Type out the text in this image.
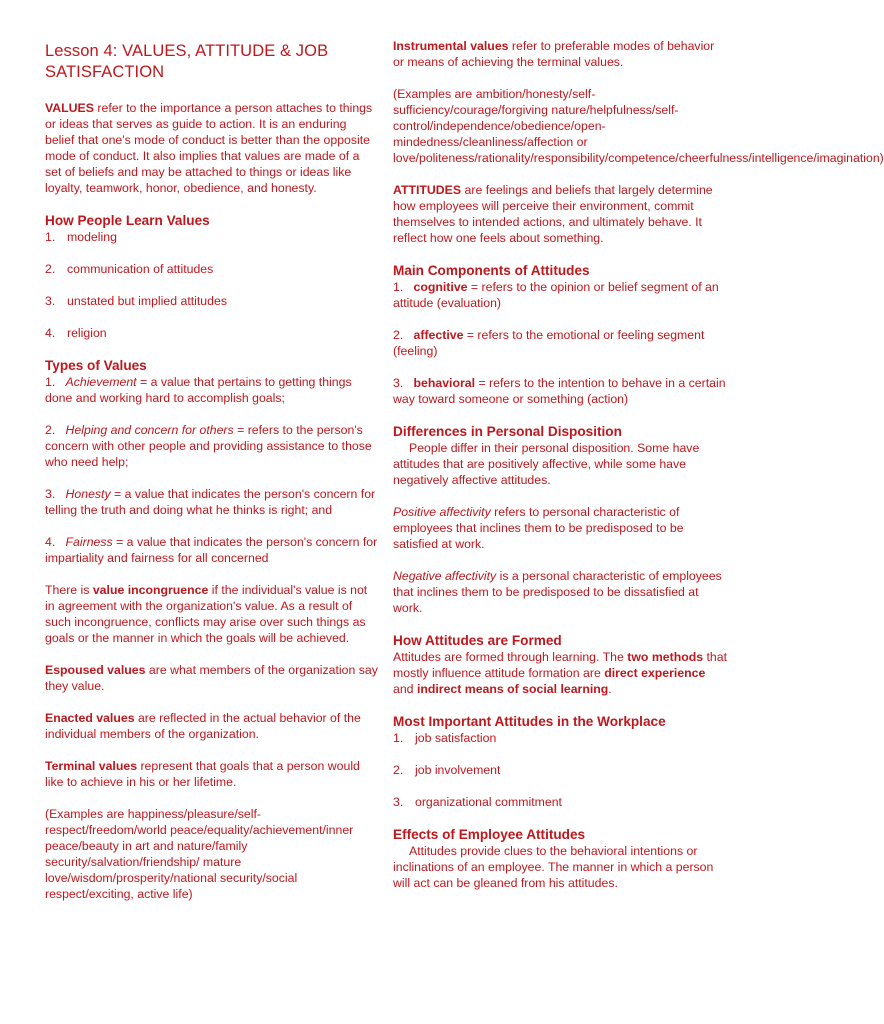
Lesson 4: VALUES, ATTITUDE & JOB SATISFACTION

VALUES refer to the importance a person attaches to things or ideas that serves as guide to action. It is an enduring belief that one's mode of conduct is better than the opposite mode of conduct. It also implies that values are made of a set of beliefs and may be attached to things or ideas like loyalty, teamwork, honor, obedience, and honesty.

How People Learn Values
1. modeling
2. communication of attitudes
3. unstated but implied attitudes
4. religion
Types of Values

1. Achievement = a value that pertains to getting things done and working hard to accomplish goals;

2. Helping and concern for others = refers to the person's concern with other people and providing assistance to those who need help;

3. Honesty = a value that indicates the person's concern for telling the truth and doing what he thinks is right; and

4. Fairness = a value that indicates the person's concern for impartiality and fairness for all concerned

There is value incongruence if the individual's value is not in agreement with the organization's value. As a result of such incongruence, conflicts may arise over such things as goals or the manner in which the goals will be achieved.

Espoused values are what members of the organization say they value.

Enacted values are reflected in the actual behavior of the individual members of the organization.

Terminal values represent that goals that a person would like to achieve in his or her lifetime.

(Examples are happiness/pleasure/self-respect/freedom/world peace/equality/achievement/inner peace/beauty in art and nature/family security/salvation/friendship/ mature love/wisdom/prosperity/national security/social respect/exciting, active life)

Instrumental values refer to preferable modes of behavior or means of achieving the terminal values.

(Examples are ambition/honesty/self-sufficiency/courage/forgiving nature/helpfulness/self-control/independence/obedience/open-mindedness/cleanliness/affection or love/politeness/rationality/responsibility/competence/cheerfulness/intelligence/imagination)

ATTITUDES are feelings and beliefs that largely determine how employees will perceive their environment, commit themselves to intended actions, and ultimately behave. It reflect how one feels about something.

Main Components of Attitudes

1. cognitive = refers to the opinion or belief segment of an attitude (evaluation)

2. affective = refers to the emotional or feeling segment (feeling)

3. behavioral = refers to the intention to behave in a certain way toward someone or something (action)

Differences in Personal Disposition

People differ in their personal disposition. Some have attitudes that are positively affective, while some have negatively affective attitudes.

Positive affectivity refers to personal characteristic of employees that inclines them to be predisposed to be satisfied at work.

Negative affectivity is a personal characteristic of employees that inclines them to be predisposed to be dissatisfied at work.

How Attitudes are Formed

Attitudes are formed through learning. The two methods that mostly influence attitude formation are direct experience and indirect means of social learning.

Most Important Attitudes in the Workplace
1. job satisfaction
2. job involvement
3. organizational commitment
Effects of Employee Attitudes

Attitudes provide clues to the behavioral intentions or inclinations of an employee. The manner in which a person will act can be gleaned from his attitudes.
